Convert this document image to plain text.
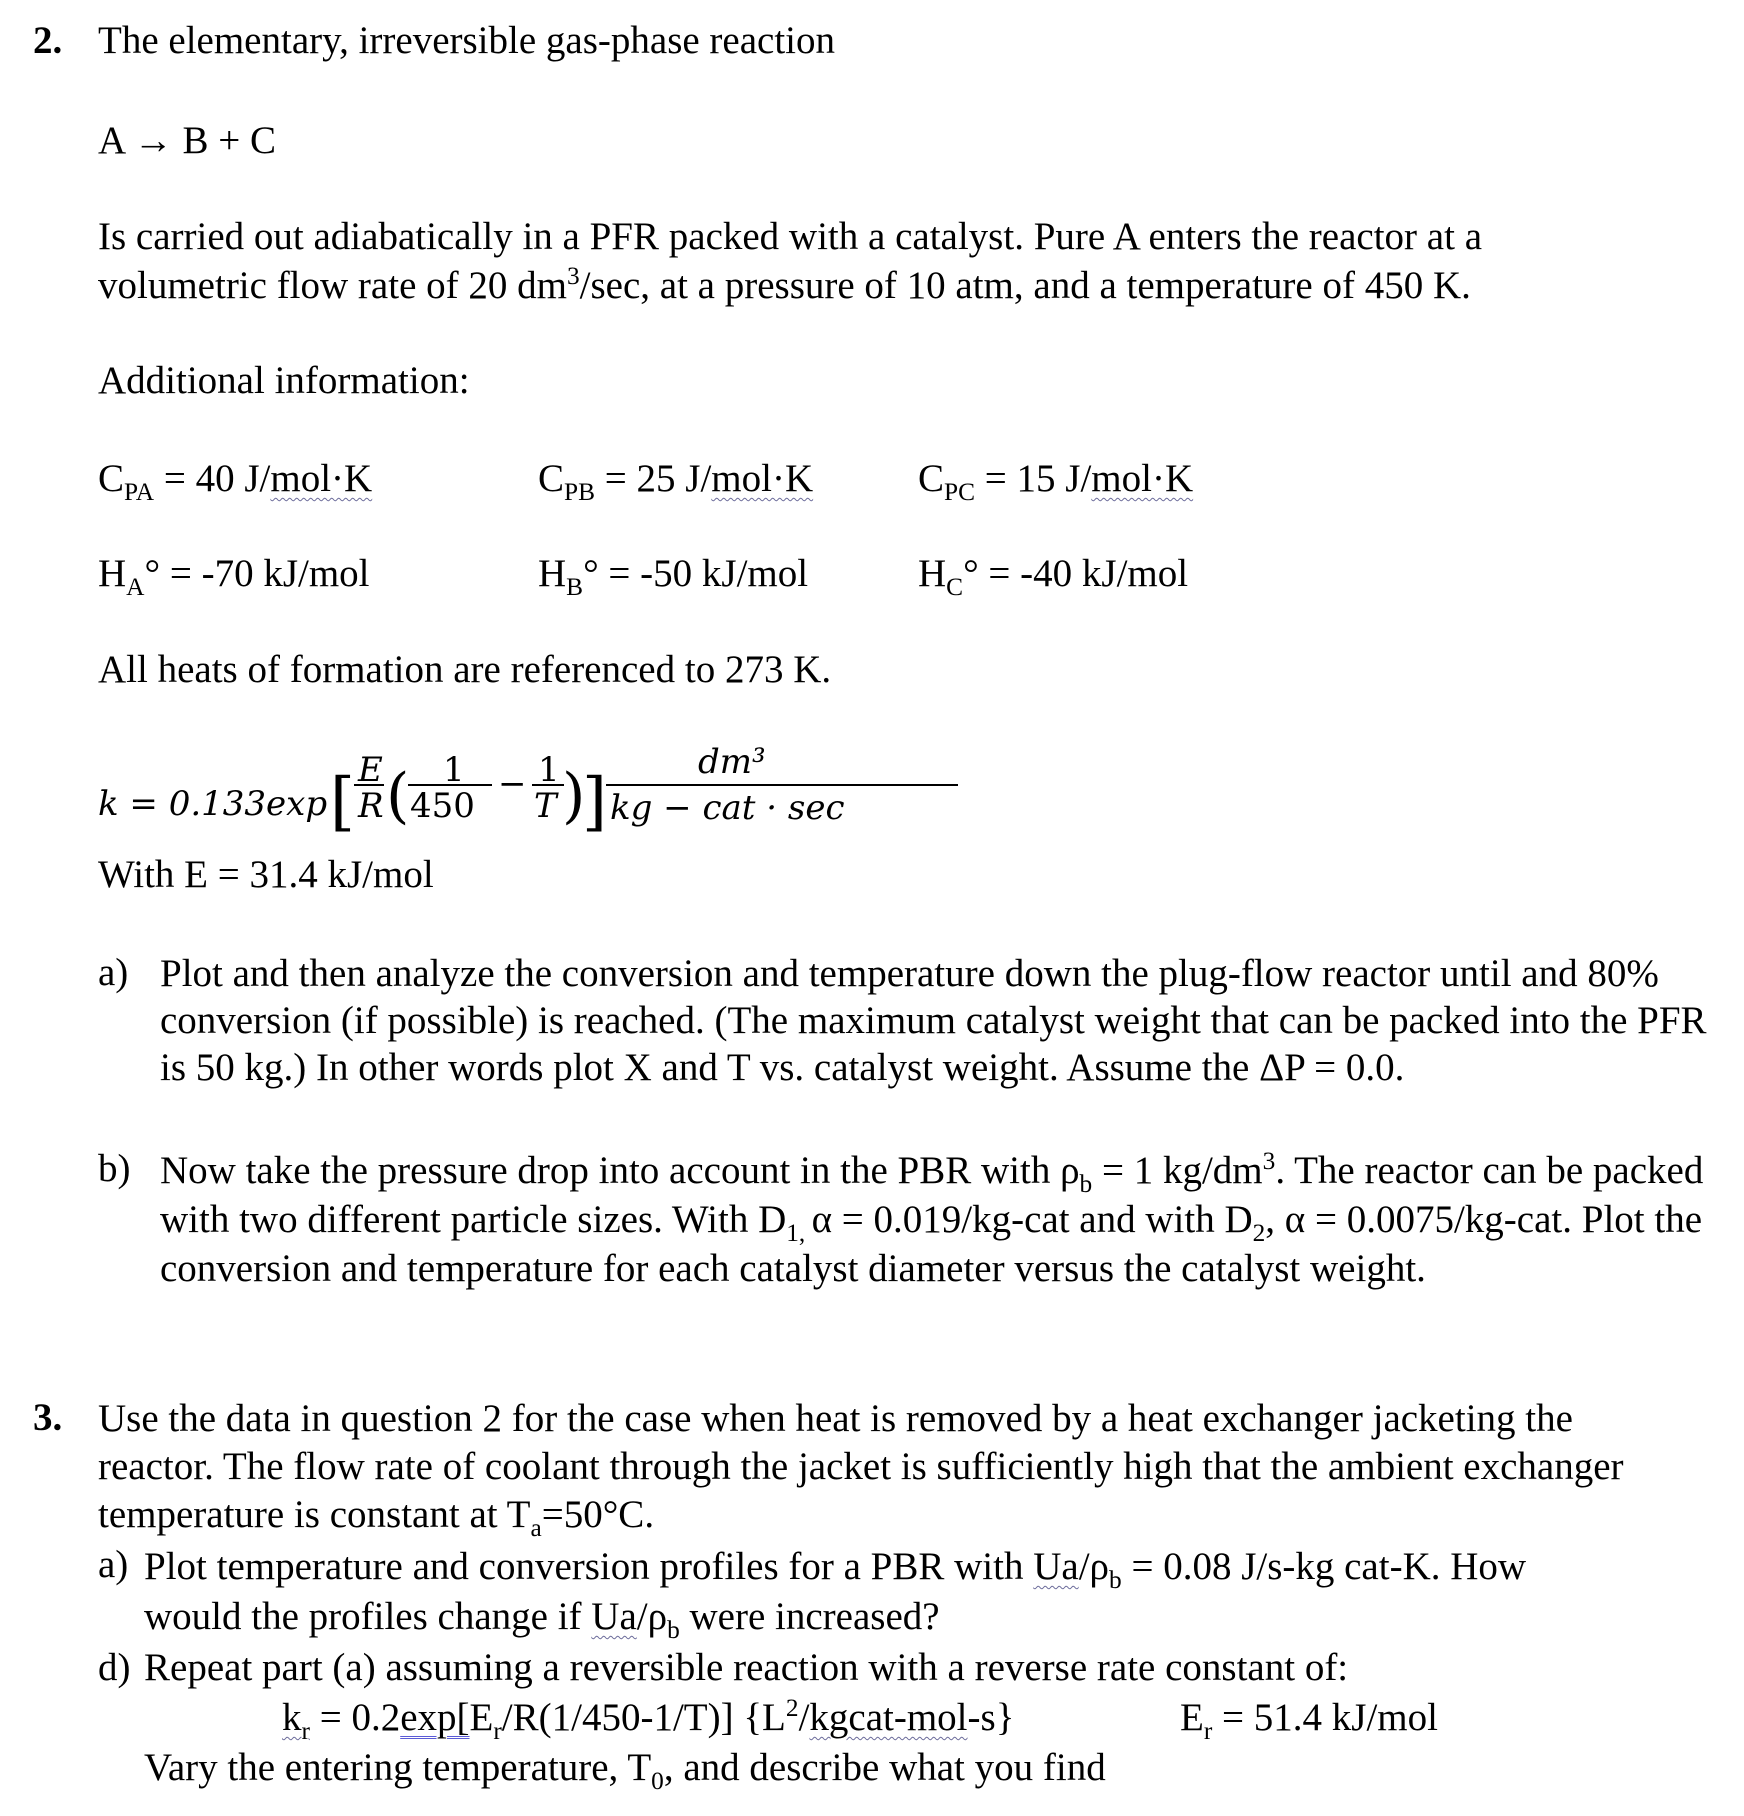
2. The elementary, irreversible gas-phase reaction
A → B + C
Is carried out adiabatically in a PFR packed with a catalyst. Pure A enters the reactor at a
volumetric flow rate of 20 $dm^3/\sec$, at a pressure of 10 atm, and a temperature of 450 K.
Additional information:
$C_{PA} = 40$ J/mol·K	$C_{PB} = 25$ J/mol·K	$C_{PC} = 15$ J/mol·K
$H_A^\circ = -70$ kJ/mol	$H_B^\circ = -50$ kJ/mol	$H_C^\circ = -40$ kJ/mol
All heats of formation are referenced to 273 K.
k = 0.133exp [ E
R ( 1
450
− 1
T )
]
dm³
kg − cat · sec
With E = 31.4 kJ/mol
a) Plot and then analyze the conversion and temperature down the plug-flow reactor until and 80% conversion (if possible) is reached. (The maximum catalyst weight that can be packed into the PFR is 50 kg.) In other words plot X and T vs. catalyst weight. Assume the ΔP = 0.0.
b) Now take the pressure drop into account in the PBR with $\rho_b = 1$ $kg/dm^3$. The reactor can be packed with two different particle sizes. With $D_{1,}$ α = 0.019/kg-cat and with $D_2$, α = 0.0075/kg-cat. Plot the conversion and temperature for each catalyst diameter versus the catalyst weight.
3. Use the data in question 2 for the case when heat is removed by a heat exchanger jacketing the reactor. The flow rate of coolant through the jacket is sufficiently high that the ambient exchanger temperature is constant at $T_a=50^\circ C$.
a) Plot temperature and conversion profiles for a PBR with $Ua/\rho_b = 0.08$ J/s-kg cat-K. How
would the profiles change if $Ua/\rho_b$ were increased?
d) Repeat part (a) assuming a reversible reaction with a reverse rate constant of:
$k_r = 0.2\exp[E_r/R(1/450-1/T)]$ $\{L^2/kgcat-mol-s\}$	$E_r = 51.4$ kJ/mol
Vary the entering temperature, $T_0$, and describe what you find
